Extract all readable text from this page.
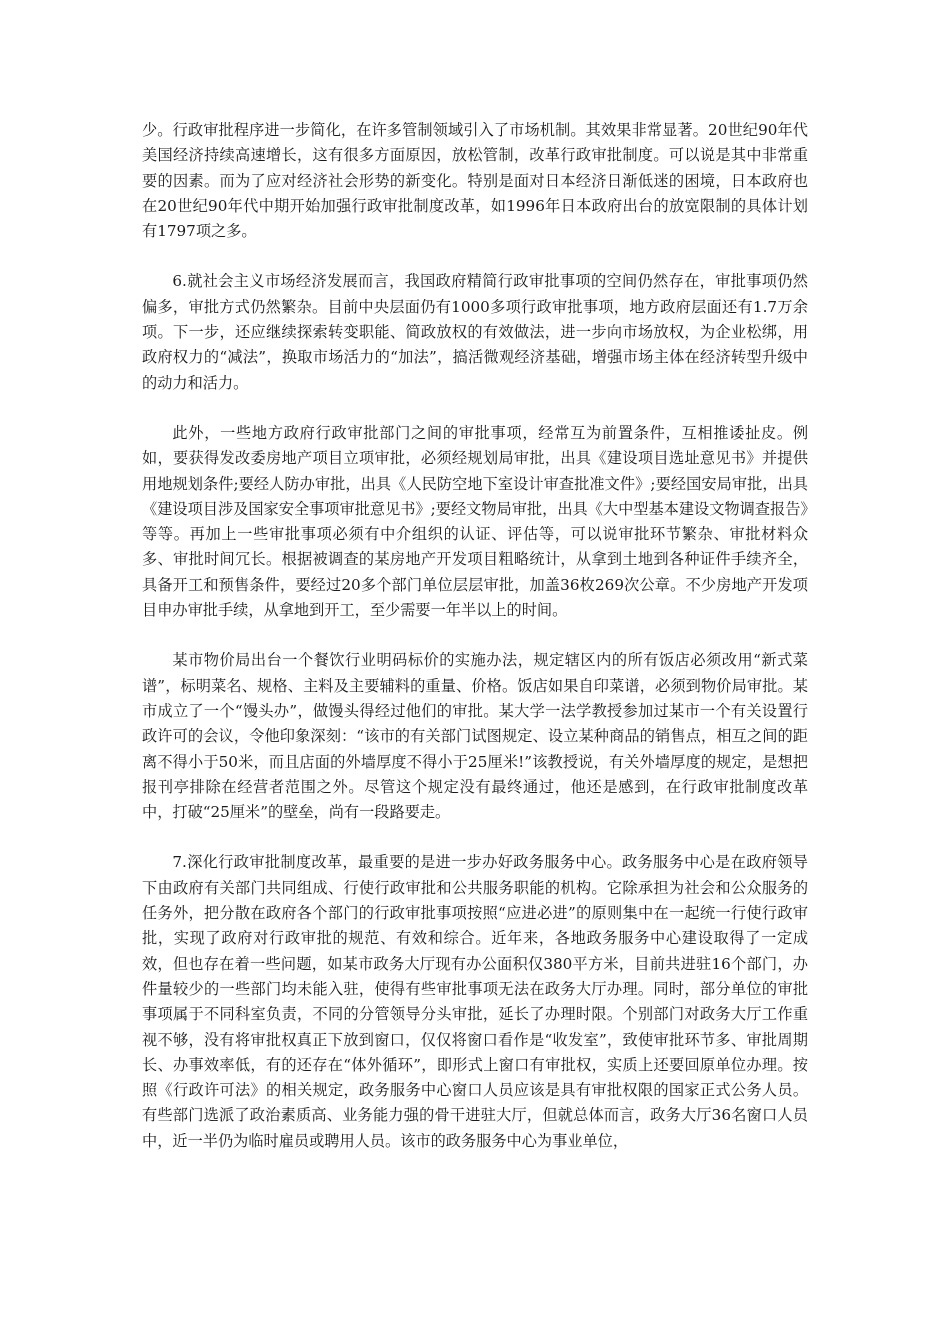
少。行政审批程序进一步简化，在许多管制领域引入了市场机制。其效果非常显著。20世纪90年代美国经济持续高速增长，这有很多方面原因，放松管制，改革行政审批制度。可以说是其中非常重要的因素。而为了应对经济社会形势的新变化。特别是面对日本经济日渐低迷的困境，日本政府也在20世纪90年代中期开始加强行政审批制度改革，如1996年日本政府出台的放宽限制的具体计划有1797项之多。

6.就社会主义市场经济发展而言，我国政府精简行政审批事项的空间仍然存在，审批事项仍然偏多，审批方式仍然繁杂。目前中央层面仍有1000多项行政审批事项，地方政府层面还有1.7万余项。下一步，还应继续探索转变职能、简政放权的有效做法，进一步向市场放权，为企业松绑，用政府权力的“减法”，换取市场活力的“加法”，搞活微观经济基础，增强市场主体在经济转型升级中的动力和活力。

此外，一些地方政府行政审批部门之间的审批事项，经常互为前置条件，互相推诿扯皮。例如，要获得发改委房地产项目立项审批，必须经规划局审批，出具《建设项目选址意见书》并提供用地规划条件;要经人防办审批，出具《人民防空地下室设计审查批准文件》;要经国安局审批，出具《建设项目涉及国家安全事项审批意见书》;要经文物局审批，出具《大中型基本建设文物调查报告》等等。再加上一些审批事项必须有中介组织的认证、评估等，可以说审批环节繁杂、审批材料众多、审批时间冗长。根据被调查的某房地产开发项目粗略统计，从拿到土地到各种证件手续齐全，具备开工和预售条件，要经过20多个部门单位层层审批，加盖36枚269次公章。不少房地产开发项目申办审批手续，从拿地到开工，至少需要一年半以上的时间。

某市物价局出台一个餐饮行业明码标价的实施办法，规定辖区内的所有饭店必须改用“新式菜谱”，标明菜名、规格、主料及主要辅料的重量、价格。饭店如果自印菜谱，必须到物价局审批。某市成立了一个“馒头办”，做馒头得经过他们的审批。某大学一法学教授参加过某市一个有关设置行政许可的会议，令他印象深刻：“该市的有关部门试图规定、设立某种商品的销售点，相互之间的距离不得小于50米，而且店面的外墙厚度不得小于25厘米!”该教授说，有关外墙厚度的规定，是想把报刊亭排除在经营者范围之外。尽管这个规定没有最终通过，他还是感到，在行政审批制度改革中，打破“25厘米”的壁垒，尚有一段路要走。

7.深化行政审批制度改革，最重要的是进一步办好政务服务中心。政务服务中心是在政府领导下由政府有关部门共同组成、行使行政审批和公共服务职能的机构。它除承担为社会和公众服务的任务外，把分散在政府各个部门的行政审批事项按照“应进必进”的原则集中在一起统一行使行政审批，实现了政府对行政审批的规范、有效和综合。近年来，各地政务服务中心建设取得了一定成效，但也存在着一些问题，如某市政务大厅现有办公面积仅380平方米，目前共进驻16个部门，办件量较少的一些部门均未能入驻，使得有些审批事项无法在政务大厅办理。同时，部分单位的审批事项属于不同科室负责，不同的分管领导分头审批，延长了办理时限。个别部门对政务大厅工作重视不够，没有将审批权真正下放到窗口，仅仅将窗口看作是“收发室”，致使审批环节多、审批周期长、办事效率低，有的还存在“体外循环”，即形式上窗口有审批权，实质上还要回原单位办理。按照《行政许可法》的相关规定，政务服务中心窗口人员应该是具有审批权限的国家正式公务人员。有些部门选派了政治素质高、业务能力强的骨干进驻大厅，但就总体而言，政务大厅36名窗口人员中，近一半仍为临时雇员或聘用人员。该市的政务服务中心为事业单位，
